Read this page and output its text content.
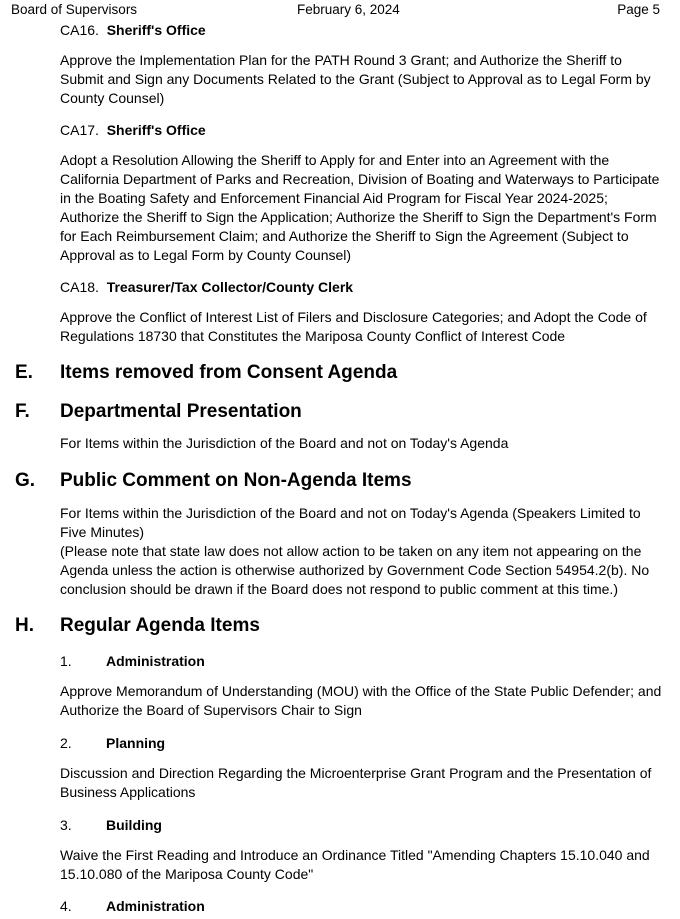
Board of Supervisors	February 6, 2024	Page 5
CA16. Sheriff's Office
Approve the Implementation Plan for the PATH Round 3 Grant; and Authorize the Sheriff to Submit and Sign any Documents Related to the Grant (Subject to Approval as to Legal Form by County Counsel)
CA17. Sheriff's Office
Adopt a Resolution Allowing the Sheriff to Apply for and Enter into an Agreement with the California Department of Parks and Recreation, Division of Boating and Waterways to Participate in the Boating Safety and Enforcement Financial Aid Program for Fiscal Year 2024-2025; Authorize the Sheriff to Sign the Application; Authorize the Sheriff to Sign the Department's Form for Each Reimbursement Claim; and Authorize the Sheriff to Sign the Agreement (Subject to Approval as to Legal Form by County Counsel)
CA18. Treasurer/Tax Collector/County Clerk
Approve the Conflict of Interest List of Filers and Disclosure Categories; and Adopt the Code of Regulations 18730 that Constitutes the Mariposa County Conflict of Interest Code
E. Items removed from Consent Agenda
F. Departmental Presentation
For Items within the Jurisdiction of the Board and not on Today's Agenda
G. Public Comment on Non-Agenda Items
For Items within the Jurisdiction of the Board and not on Today's Agenda (Speakers Limited to Five Minutes)
(Please note that state law does not allow action to be taken on any item not appearing on the Agenda unless the action is otherwise authorized by Government Code Section 54954.2(b). No conclusion should be drawn if the Board does not respond to public comment at this time.)
H. Regular Agenda Items
1. Administration
Approve Memorandum of Understanding (MOU) with the Office of the State Public Defender; and Authorize the Board of Supervisors Chair to Sign
2. Planning
Discussion and Direction Regarding the Microenterprise Grant Program and the Presentation of Business Applications
3. Building
Waive the First Reading and Introduce an Ordinance Titled "Amending Chapters 15.10.040 and 15.10.080 of the Mariposa County Code"
4. Administration
